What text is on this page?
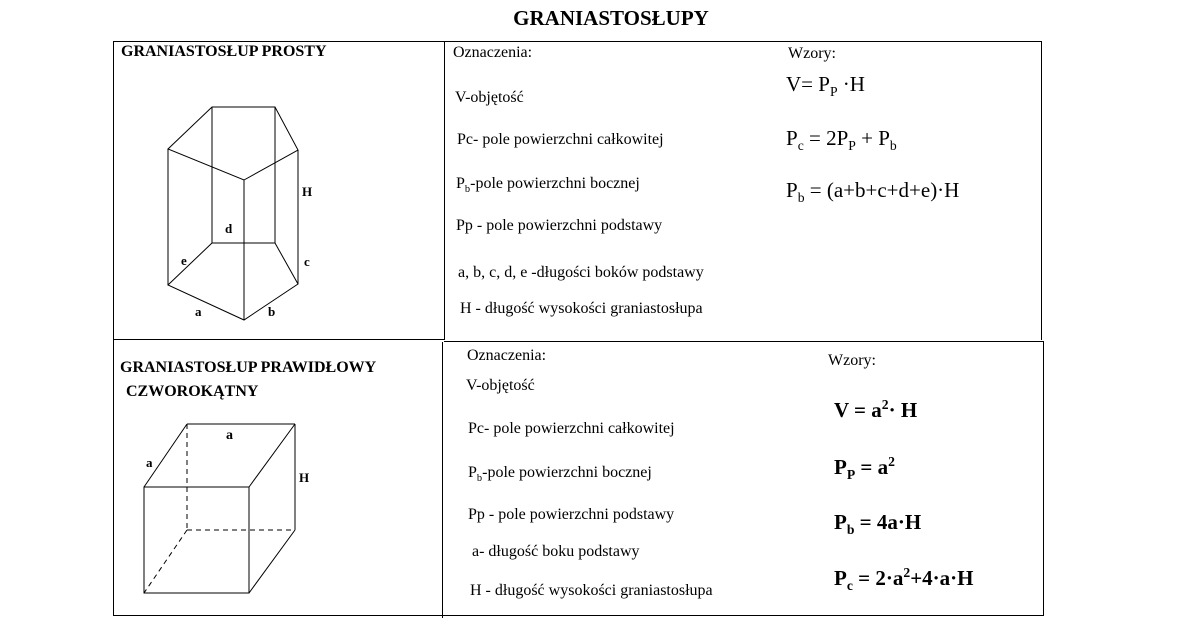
GRANIASTOSŁUPY
GRANIASTOSŁUP PROSTY
H
d
e	c
a	b
Oznaczenia:
V-objętość
Pc- pole powierzchni całkowitej
$P_b$-pole powierzchni bocznej
Pp - pole powierzchni podstawy
a, b, c, d, e -długości boków podstawy
H - długość wysokości graniastosłupa
Wzory:
$V= P_P \cdot H$
$P_c = 2P_P + P_b$
$P_b = (a+b+c+d+e)\cdot H$
GRANIASTOSŁUP PRAWIDŁOWY
CZWOROKĄTNY
a
a
H
Oznaczenia:
V-objętość
Pc- pole powierzchni całkowitej
$P_b$-pole powierzchni bocznej
Pp - pole powierzchni podstawy
a- długość boku podstawy
H - długość wysokości graniastosłupa
Wzory:
$V = a^2\cdot H$
$P_P = a^2$
$P_b = 4a\cdot H$
$P_c = 2\cdot a^2+4\cdot a\cdot H$
